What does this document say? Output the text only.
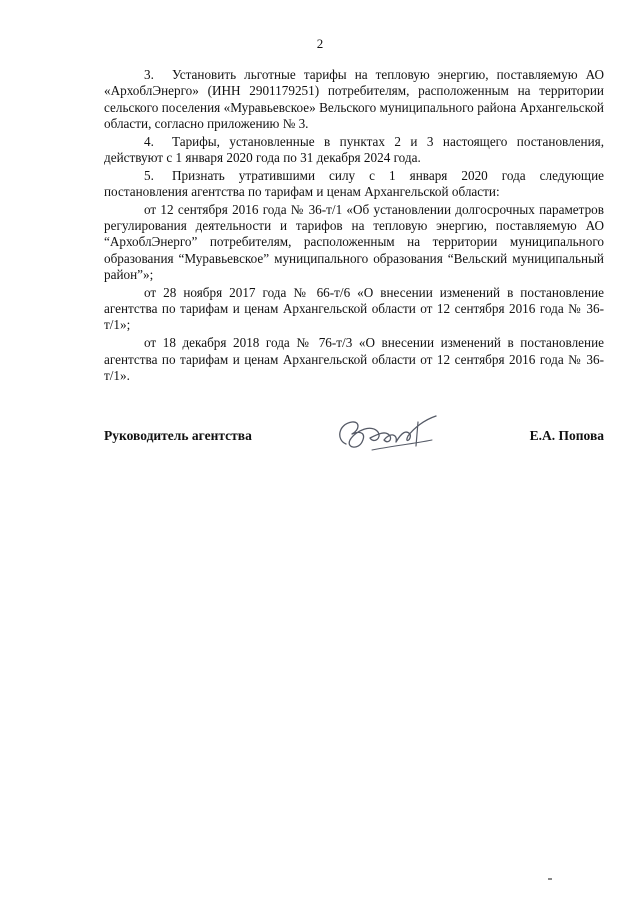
2

3. Установить льготные тарифы на тепловую энергию, поставляемую АО «АрхоблЭнерго» (ИНН 2901179251) потребителям, расположенным на территории сельского поселения «Муравьевское» Вельского муниципального района Архангельской области, согласно приложению № 3.

4. Тарифы, установленные в пунктах 2 и 3 настоящего постановления, действуют с 1 января 2020 года по 31 декабря 2024 года.

5. Признать утратившими силу с 1 января 2020 года следующие постановления агентства по тарифам и ценам Архангельской области:

от 12 сентября 2016 года № 36-т/1 «Об установлении долгосрочных параметров регулирования деятельности и тарифов на тепловую энергию, поставляемую АО “АрхоблЭнерго” потребителям, расположенным на территории муниципального образования “Муравьевское” муниципального образования “Вельский муниципальный район”»;

от 28 ноября 2017 года № 66-т/6 «О внесении изменений в постановление агентства по тарифам и ценам Архангельской области от 12 сентября 2016 года № 36-т/1»;

от 18 декабря 2018 года № 76-т/3 «О внесении изменений в постановление агентства по тарифам и ценам Архангельской области от 12 сентября 2016 года № 36-т/1».

Руководитель агентства	Е.А. Попова
